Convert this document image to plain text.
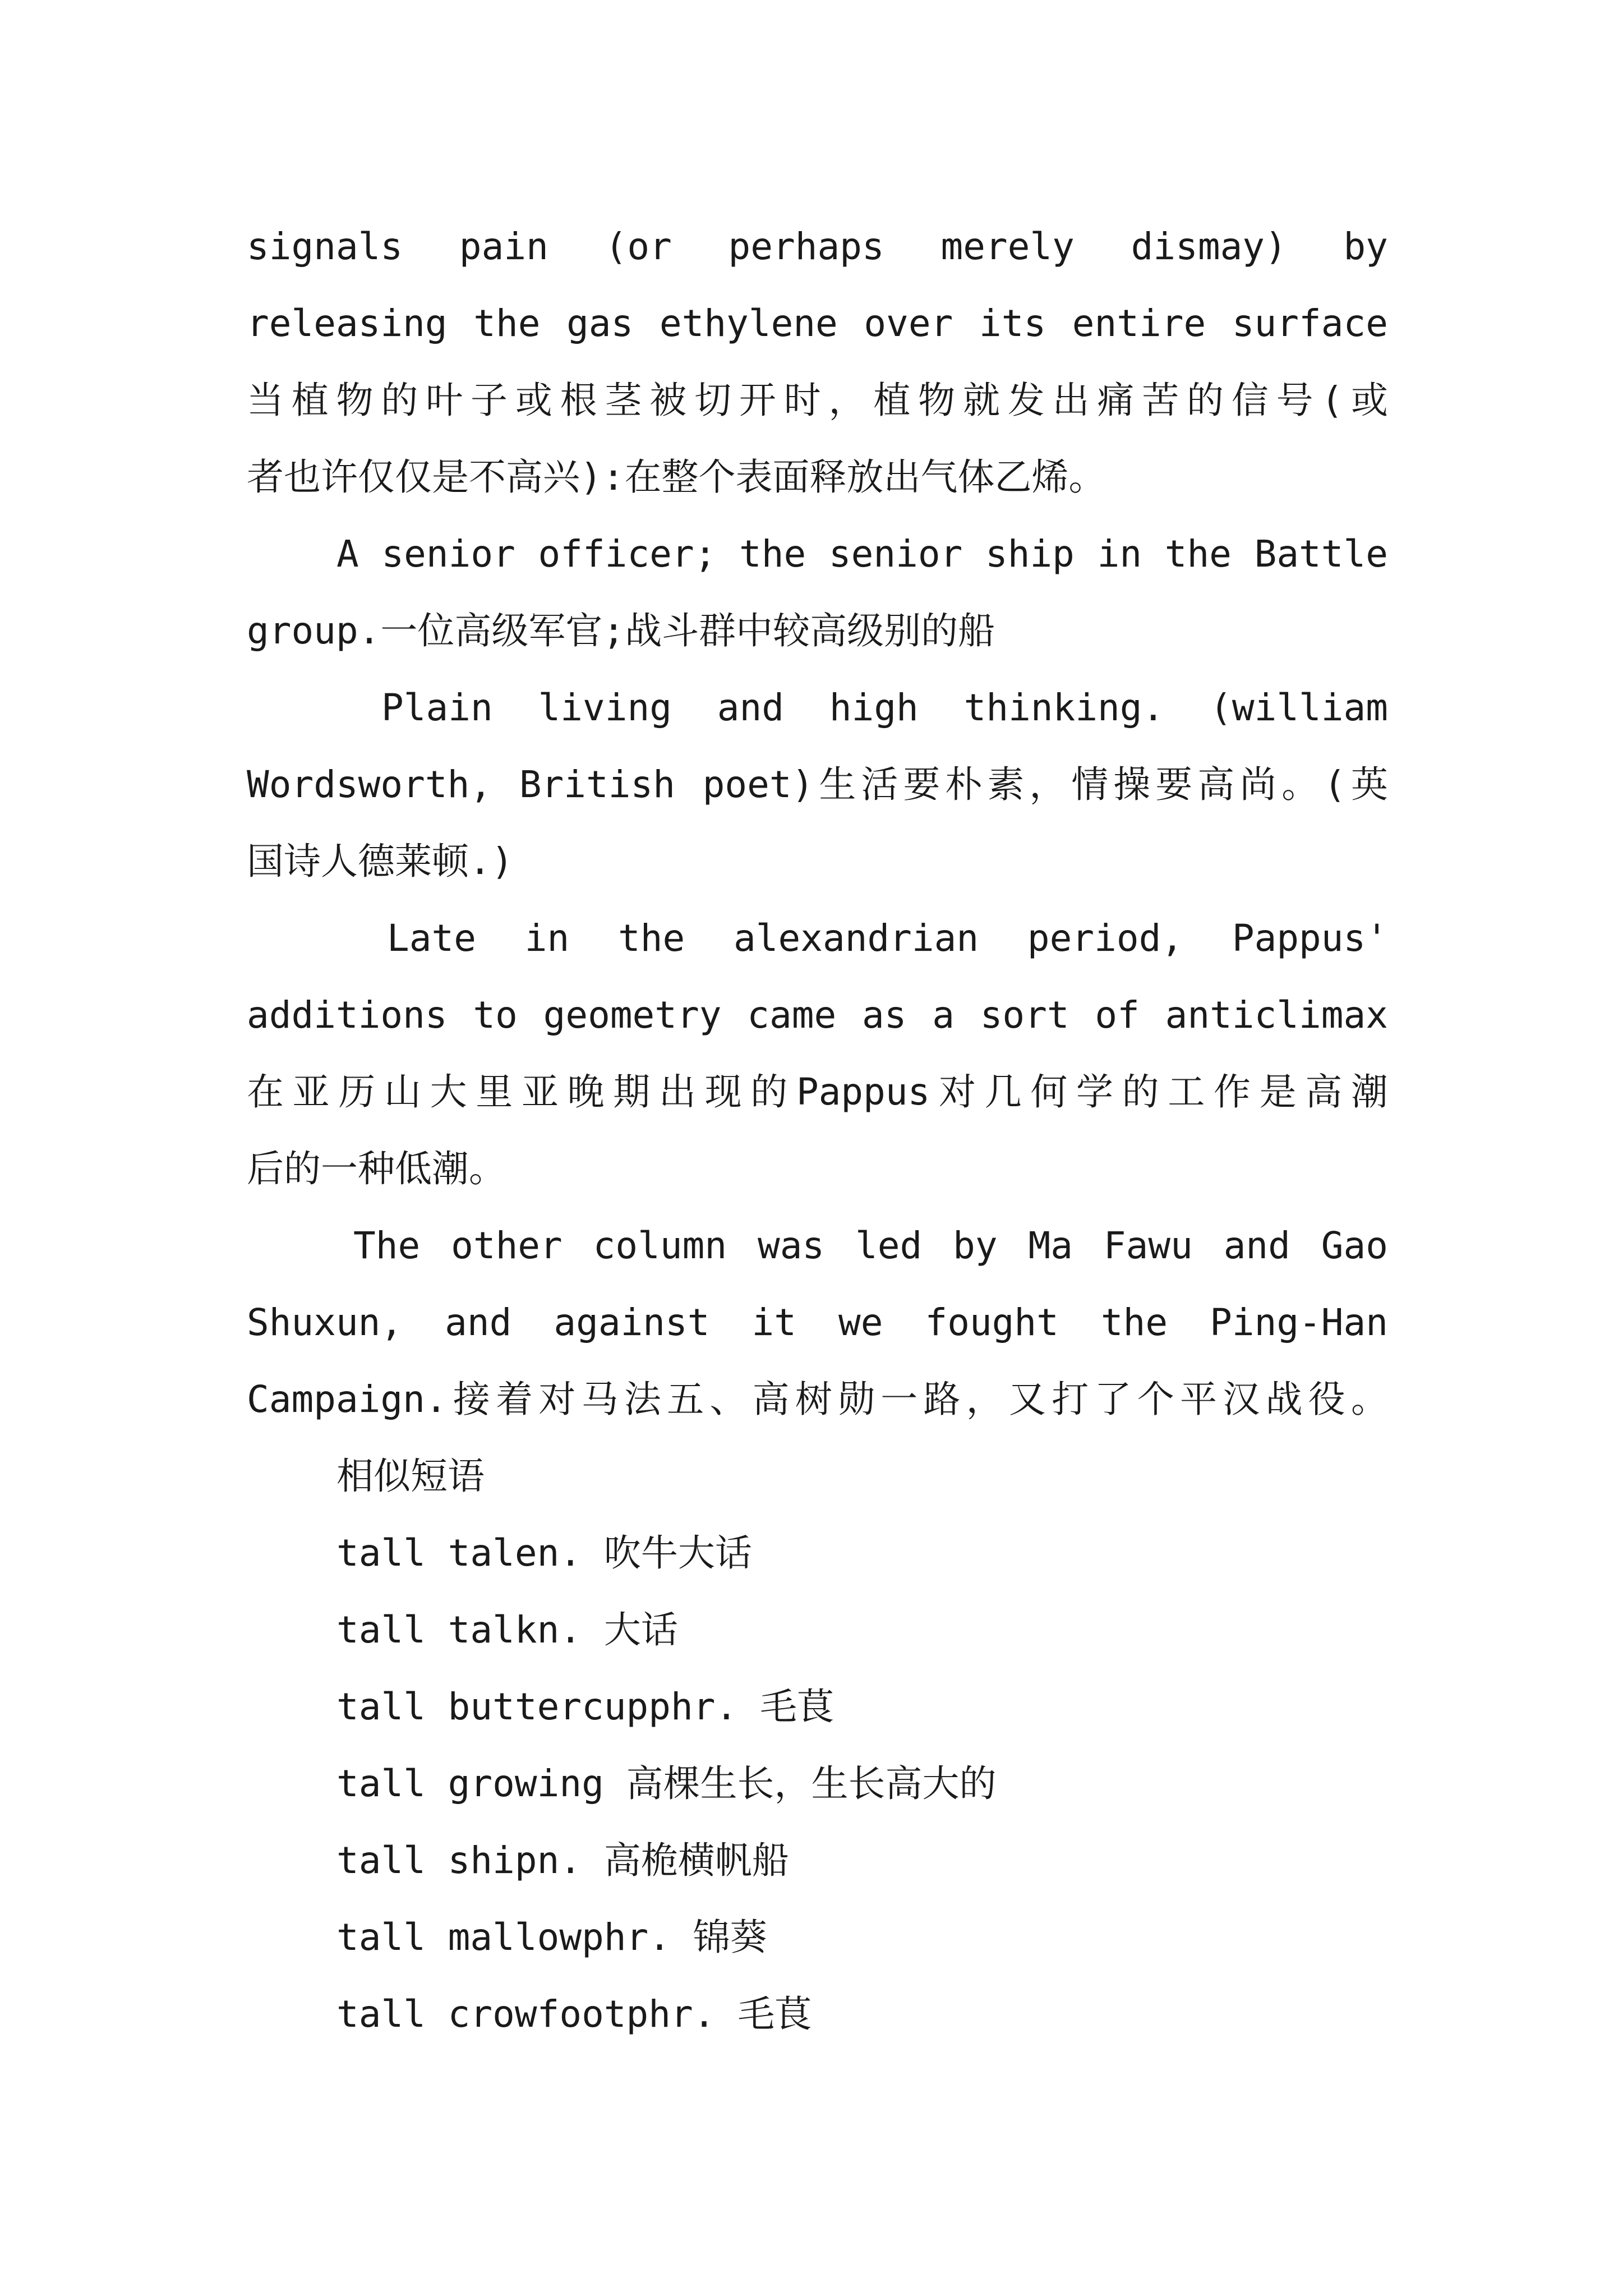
signals pain (or perhaps merely dismay) by
releasing the gas ethylene over its entire surface
当植物的叶子或根茎被切开时，植物就发出痛苦的信号(或
者也许仅仅是不高兴):在整个表面释放出气体乙烯。
A senior officer; the senior ship in the Battle
group.一位高级军官;战斗群中较高级别的船
Plain living and high thinking. (william
Wordsworth, British poet)生活要朴素，情操要高尚。(英
国诗人德莱顿.)
Late in the alexandrian period, Pappus'
additions to geometry came as a sort of anticlimax
在亚历山大里亚晚期出现的Pappus对几何学的工作是高潮
后的一种低潮。
The other column was led by Ma Fawu and Gao
Shuxun, and against it we fought the Ping-Han
Campaign.接着对马法五、高树勋一路，又打了个平汉战役。
相似短语
tall talen. 吹牛大话
tall talkn. 大话
tall buttercupphr. 毛茛
tall growing 高棵生长，生长高大的
tall shipn. 高桅横帆船
tall mallowphr. 锦葵
tall crowfootphr. 毛茛
